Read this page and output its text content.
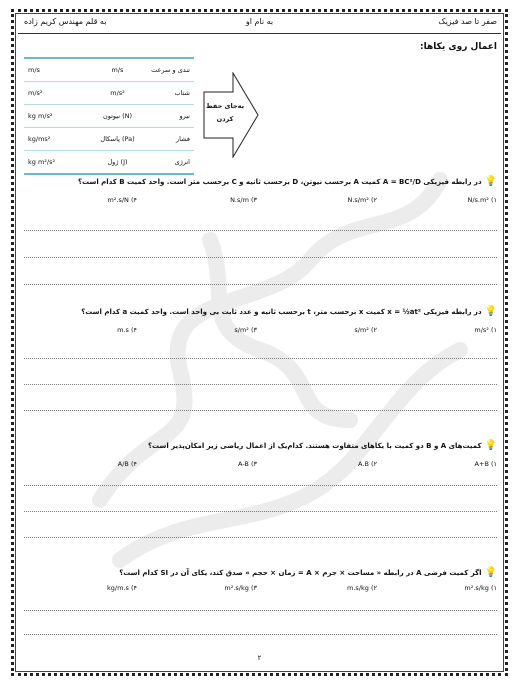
صفر تا صد فیزیک
به نام او
به قلم مهندس کریم زاده
اعمال روی یکاها:
m/s	m/s	تندی و سرعت
m/s²	m/s²	شتاب
kg m/s²	نیوتون (N)	نیرو
kg/ms²	پاسکال (Pa)	فشار
kg m²/s²	ژول (J)	انرژی
به‌جای حفظ
کردن
💡در رابطه فیزیکی A = BC²/D کمیت A برحسب نیوتن، D برحسب ثانیه و C برحسب متر است. واحد کمیت B کدام است؟
N/s.m² (۱
N.s/m² (۲
N.s/m (۳
m².s/N (۴
💡در رابطه فیزیکی x = ½at² کمیت x برحسب متر، t برحسب ثانیه و عدد ثابت بی واحد است. واحد کمیت a کدام است؟
m/s² (۱
s/m² (۲
s/m² (۳
m.s (۴
💡کمیت‌های A و B دو کمیت با یکاهای متفاوت هستند. کدام‌یک از اعمال ریاضی زیر امکان‌پذیر است؟
A+B (۱
A.B (۲
A-B (۳
A/B (۴
💡اگر کمیت فرضی A در رابطه « مساحت × جرم × A = زمان × حجم » صدق کند، یکای آن در SI کدام است؟
m².s/kg (۱
m.s/kg (۲
m².s/kg (۳
kg/m.s (۴
۲
